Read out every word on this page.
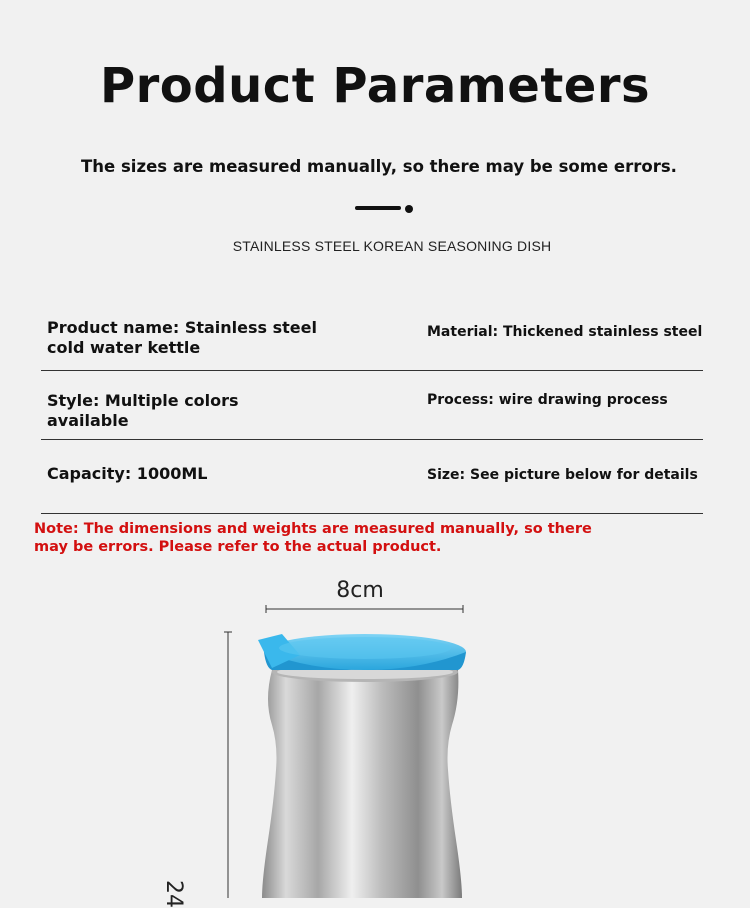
Product Parameters
The sizes are measured manually, so there may be some errors.
STAINLESS STEEL KOREAN SEASONING DISH
Product name: Stainless steel cold water kettle
Material: Thickened stainless steel
Style: Multiple colors available
Process: wire drawing process
Capacity: 1000ML	Size: See picture below for details
Note: The dimensions and weights are measured manually, so there may be errors. Please refer to the actual product.
8cm
24
